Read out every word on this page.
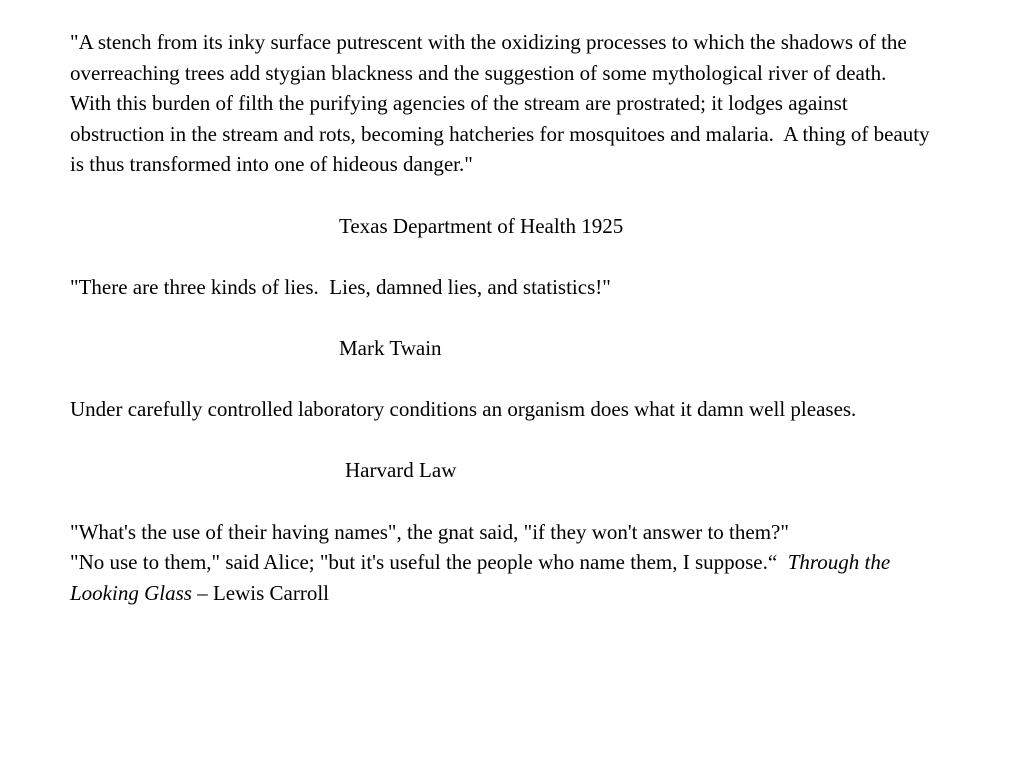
"A stench from its inky surface putrescent with the oxidizing processes to which the shadows of the overreaching trees add stygian blackness and the suggestion of some mythological river of death.  With this burden of filth the purifying agencies of the stream are prostrated; it lodges against obstruction in the stream and rots, becoming hatcheries for mosquitoes and malaria.  A thing of beauty is thus transformed into one of hideous danger."

Texas Department of Health 1925

"There are three kinds of lies.  Lies, damned lies, and statistics!"

Mark Twain

Under carefully controlled laboratory conditions an organism does what it damn well pleases.

Harvard Law

"What's the use of their having names", the gnat said, "if they won't answer to them?"

"No use to them," said Alice; "but it's useful the people who name them, I suppose.“  Through the Looking Glass – Lewis Carroll
